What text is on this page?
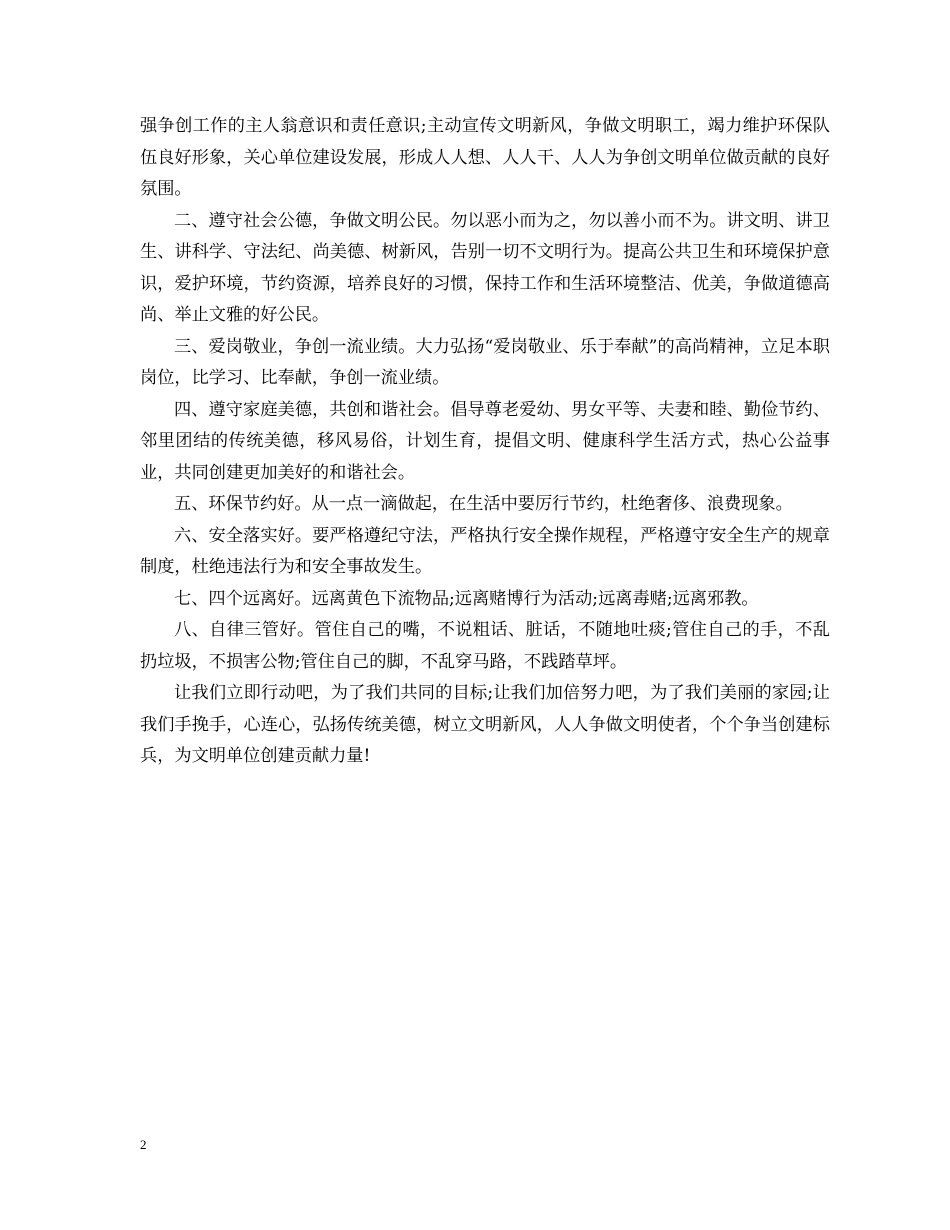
强争创工作的主人翁意识和责任意识;主动宣传文明新风，争做文明职工，竭力维护环保队伍良好形象，关心单位建设发展，形成人人想、人人干、人人为争创文明单位做贡献的良好氛围。

二、遵守社会公德，争做文明公民。勿以恶小而为之，勿以善小而不为。讲文明、讲卫生、讲科学、守法纪、尚美德、树新风，告别一切不文明行为。提高公共卫生和环境保护意识，爱护环境，节约资源，培养良好的习惯，保持工作和生活环境整洁、优美，争做道德高尚、举止文雅的好公民。

三、爱岗敬业，争创一流业绩。大力弘扬“爱岗敬业、乐于奉献”的高尚精神，立足本职岗位，比学习、比奉献，争创一流业绩。

四、遵守家庭美德，共创和谐社会。倡导尊老爱幼、男女平等、夫妻和睦、勤俭节约、邻里团结的传统美德，移风易俗，计划生育，提倡文明、健康科学生活方式，热心公益事业，共同创建更加美好的和谐社会。

五、环保节约好。从一点一滴做起，在生活中要厉行节约，杜绝奢侈、浪费现象。

六、安全落实好。要严格遵纪守法，严格执行安全操作规程，严格遵守安全生产的规章制度，杜绝违法行为和安全事故发生。

七、四个远离好。远离黄色下流物品;远离赌博行为活动;远离毒赌;远离邪教。

八、自律三管好。管住自己的嘴，不说粗话、脏话，不随地吐痰;管住自己的手，不乱扔垃圾，不损害公物;管住自己的脚，不乱穿马路，不践踏草坪。

让我们立即行动吧，为了我们共同的目标;让我们加倍努力吧，为了我们美丽的家园;让我们手挽手，心连心，弘扬传统美德，树立文明新风，人人争做文明使者，个个争当创建标兵，为文明单位创建贡献力量!

2
